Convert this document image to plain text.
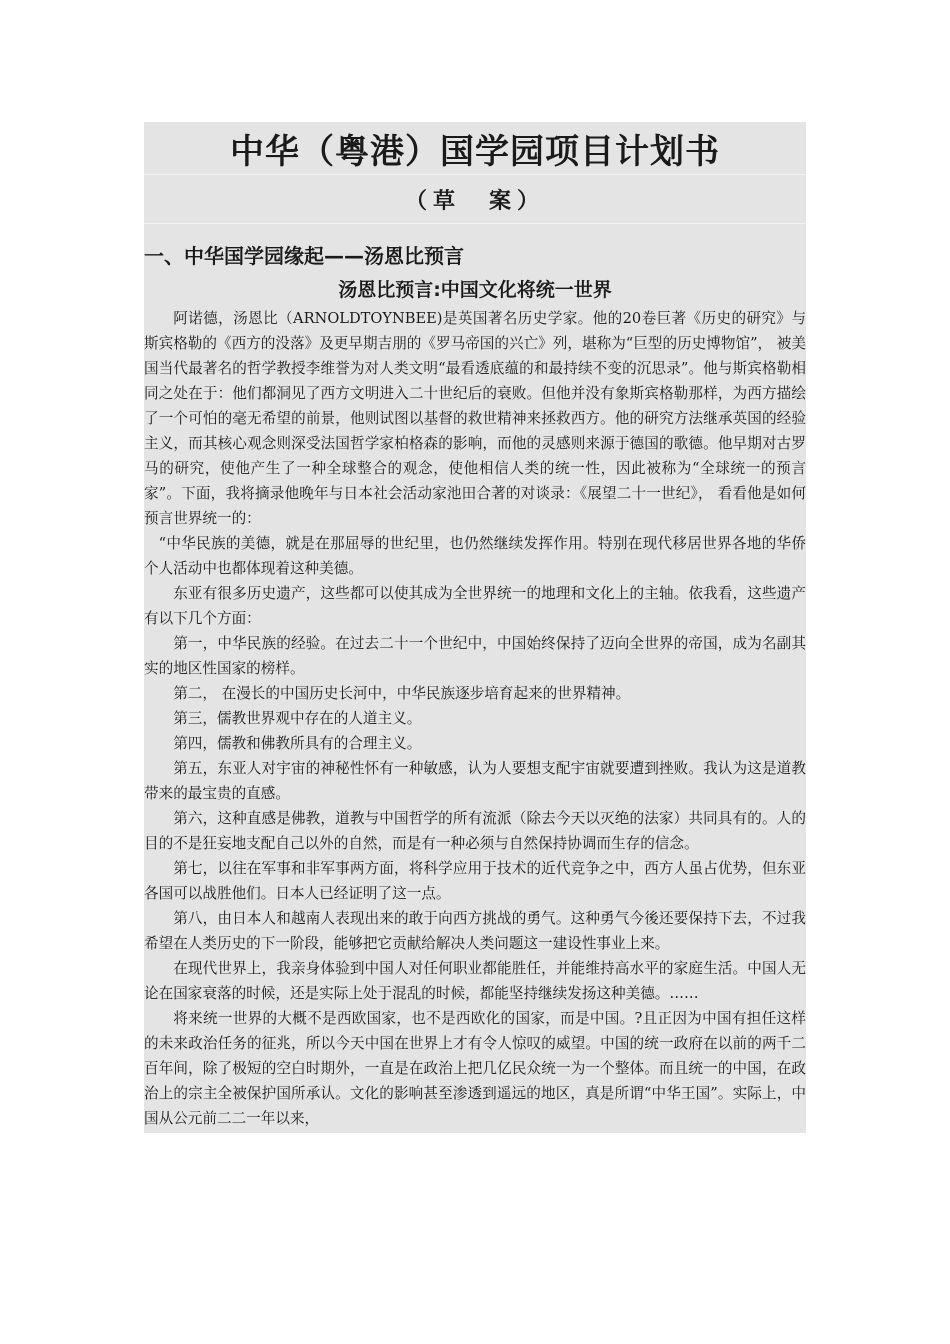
中华（粤港）国学园项目计划书
（草　案）
一、中华国学园缘起——汤恩比预言
汤恩比预言:中国文化将统一世界

阿诺德，汤恩比（ARNOLDTOYNBEE)是英国著名历史学家。他的20卷巨著《历史的研究》与斯宾格勒的《西方的没落》及更早期吉朋的《罗马帝国的兴亡》列，堪称为“巨型的历史博物馆”， 被美国当代最著名的哲学教授李维誉为对人类文明“最看透底蕴的和最持续不变的沉思录”。他与斯宾格勒相同之处在于：他们都洞见了西方文明进入二十世纪后的衰败。但他并没有象斯宾格勒那样，为西方描绘了一个可怕的毫无希望的前景，他则试图以基督的救世精神来拯救西方。他的研究方法继承英国的经验主义，而其核心观念则深受法国哲学家柏格森的影响，而他的灵感则来源于德国的歌德。他早期对古罗马的研究，使他产生了一种全球整合的观念，使他相信人类的统一性，因此被称为“全球统一的预言家”。下面，我将摘录他晚年与日本社会活动家池田合著的对谈录：《展望二十一世纪》， 看看他是如何预言世界统一的：

“中华民族的美德，就是在那屈辱的世纪里，也仍然继续发挥作用。特别在现代移居世界各地的华侨个人活动中也都体现着这种美德。

东亚有很多历史遗产，这些都可以使其成为全世界统一的地理和文化上的主轴。依我看，这些遗产有以下几个方面：

第一，中华民族的经验。在过去二十一个世纪中，中国始终保持了迈向全世界的帝国，成为名副其实的地区性国家的榜样。

第二， 在漫长的中国历史长河中，中华民族逐步培育起来的世界精神。

第三，儒教世界观中存在的人道主义。

第四，儒教和佛教所具有的合理主义。

第五，东亚人对宇宙的神秘性怀有一种敏感，认为人要想支配宇宙就要遭到挫败。我认为这是道教带来的最宝贵的直感。

第六，这种直感是佛教，道教与中国哲学的所有流派（除去今天以灭绝的法家）共同具有的。人的目的不是狂妄地支配自己以外的自然，而是有一种必须与自然保持协调而生存的信念。

第七，以往在军事和非军事两方面，将科学应用于技术的近代竞争之中，西方人虽占优势，但东亚各国可以战胜他们。日本人已经证明了这一点。

第八，由日本人和越南人表现出来的敢于向西方挑战的勇气。这种勇气今後还要保持下去，不过我希望在人类历史的下一阶段，能够把它贡献给解决人类问题这一建设性事业上来。

在现代世界上，我亲身体验到中国人对任何职业都能胜任，并能维持高水平的家庭生活。中国人无论在国家衰落的时候，还是实际上处于混乱的时候，都能坚持继续发扬这种美德。……

将来统一世界的大概不是西欧国家，也不是西欧化的国家，而是中国。?且正因为中国有担任这样的未来政治任务的征兆，所以今天中国在世界上才有令人惊叹的威望。中国的统一政府在以前的两千二百年间，除了极短的空白时期外，一直是在政治上把几亿民众统一为一个整体。而且统一的中国，在政治上的宗主全被保护国所承认。文化的影响甚至渗透到遥远的地区，真是所谓“中华王国”。实际上，中国从公元前二二一年以来，
